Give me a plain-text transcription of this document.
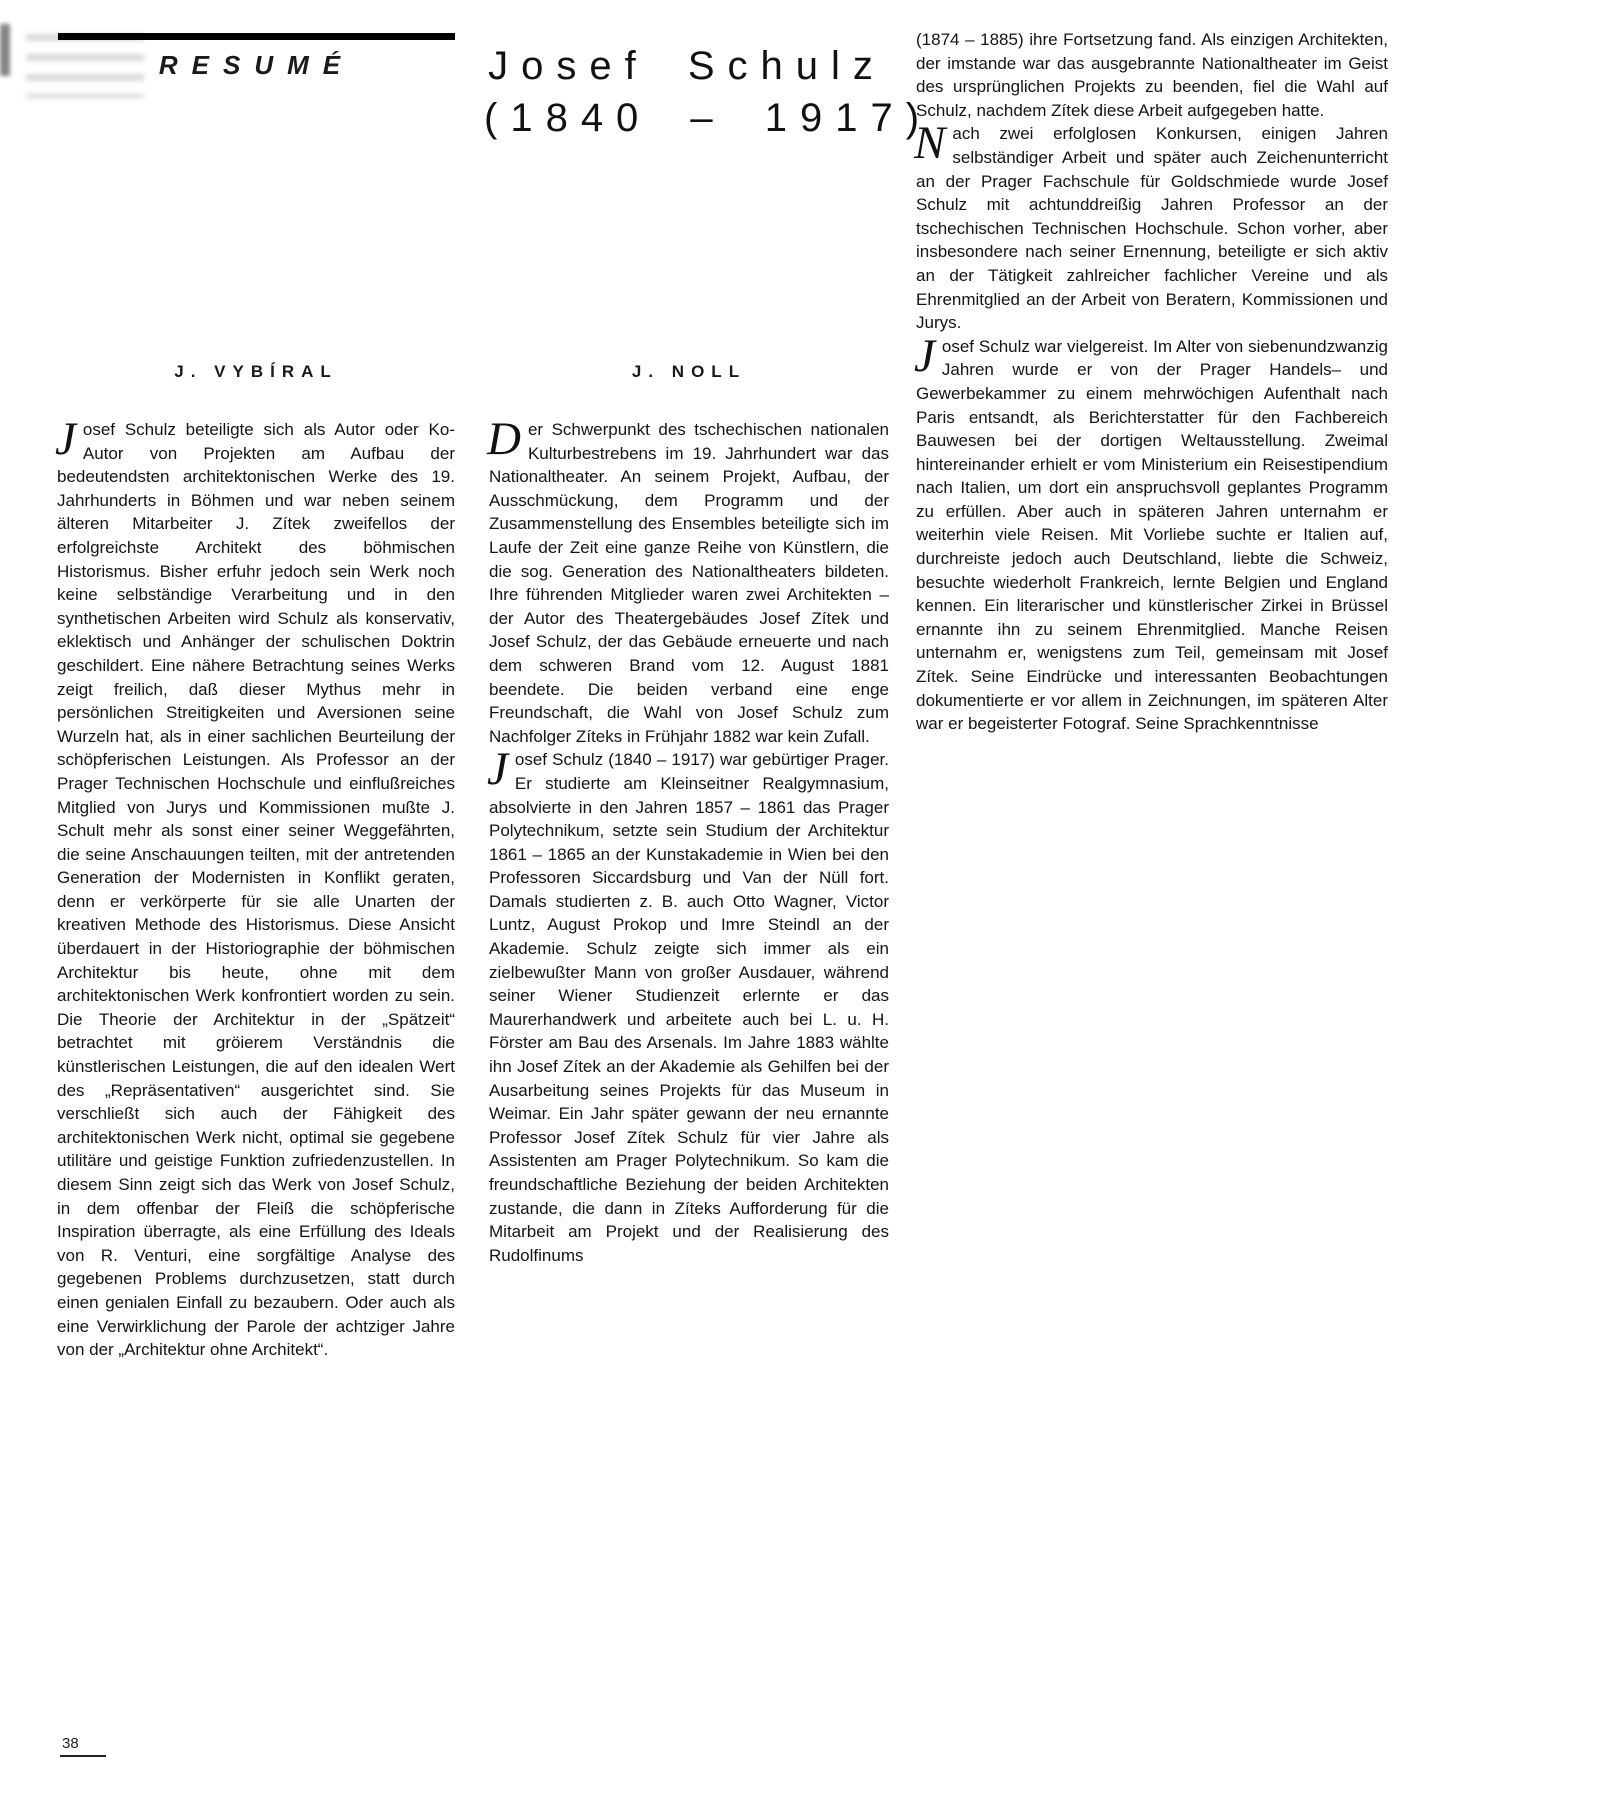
RESUMÉ	Josef Schulz
(1840 – 1917)
J. VYBÍRAL

Josef Schulz beteiligte sich als Autor oder Ko-Autor von Projekten am Aufbau der bedeutendsten architektonischen Werke des 19. Jahrhunderts in Böhmen und war neben seinem älteren Mitarbeiter J. Zítek zweifellos der erfolgreichste Architekt des böhmischen Historismus. Bisher erfuhr jedoch sein Werk noch keine selbständige Verarbeitung und in den synthetischen Arbeiten wird Schulz als konservativ, eklektisch und Anhänger der schulischen Doktrin geschildert. Eine nähere Betrachtung seines Werks zeigt freilich, daß dieser Mythus mehr in persönlichen Streitigkeiten und Aversionen seine Wurzeln hat, als in einer sachlichen Beurteilung der schöpferischen Leistungen. Als Professor an der Prager Technischen Hochschule und einflußreiches Mitglied von Jurys und Kommissionen mußte J. Schult mehr als sonst einer seiner Weggefährten, die seine Anschauungen teilten, mit der antretenden Generation der Modernisten in Konflikt geraten, denn er verkörperte für sie alle Unarten der kreativen Methode des Historismus. Diese Ansicht überdauert in der Historiographie der böhmischen Architektur bis heute, ohne mit dem architektonischen Werk konfrontiert worden zu sein. Die Theorie der Architektur in der „Spätzeit“ betrachtet mit gröierem Verständnis die künstlerischen Leistungen, die auf den idealen Wert des „Repräsentativen“ ausgerichtet sind. Sie verschließt sich auch der Fähigkeit des architektonischen Werk nicht, optimal sie gegebene utilitäre und geistige Funktion zufriedenzustellen. In diesem Sinn zeigt sich das Werk von Josef Schulz, in dem offenbar der Fleiß die schöpferische Inspiration überragte, als eine Erfüllung des Ideals von R. Venturi, eine sorgfältige Analyse des gegebenen Problems durchzusetzen, statt durch einen genialen Einfall zu bezaubern. Oder auch als eine Verwirklichung der Parole der achtziger Jahre von der „Architektur ohne Architekt“.

J. NOLL

Der Schwerpunkt des tschechischen nationalen Kulturbestrebens im 19. Jahrhundert war das Nationaltheater. An seinem Projekt, Aufbau, der Ausschmückung, dem Programm und der Zusammenstellung des Ensembles beteiligte sich im Laufe der Zeit eine ganze Reihe von Künstlern, die die sog. Generation des Nationaltheaters bildeten. Ihre führenden Mitglieder waren zwei Architekten – der Autor des Theatergebäudes Josef Zítek und Josef Schulz, der das Gebäude erneuerte und nach dem schweren Brand vom 12. August 1881 beendete. Die beiden verband eine enge Freundschaft, die Wahl von Josef Schulz zum Nachfolger Zíteks in Frühjahr 1882 war kein Zufall.

Josef Schulz (1840 – 1917) war gebürtiger Prager. Er studierte am Kleinseitner Realgymnasium, absolvierte in den Jahren 1857 – 1861 das Prager Polytechnikum, setzte sein Studium der Architektur 1861 – 1865 an der Kunstakademie in Wien bei den Professoren Siccardsburg und Van der Nüll fort. Damals studierten z. B. auch Otto Wagner, Victor Luntz, August Prokop und Imre Steindl an der Akademie. Schulz zeigte sich immer als ein zielbewußter Mann von großer Ausdauer, während seiner Wiener Studienzeit erlernte er das Maurerhandwerk und arbeitete auch bei L. u. H. Förster am Bau des Arsenals. Im Jahre 1883 wählte ihn Josef Zítek an der Akademie als Gehilfen bei der Ausarbeitung seines Projekts für das Museum in Weimar. Ein Jahr später gewann der neu ernannte Professor Josef Zítek Schulz für vier Jahre als Assistenten am Prager Polytechnikum. So kam die freundschaftliche Beziehung der beiden Architekten zustande, die dann in Zíteks Aufforderung für die Mitarbeit am Projekt und der Realisierung des Rudolfinums

(1874 – 1885) ihre Fortsetzung fand. Als einzigen Architekten, der imstande war das ausgebrannte Nationaltheater im Geist des ursprünglichen Projekts zu beenden, fiel die Wahl auf Schulz, nachdem Zítek diese Arbeit aufgegeben hatte.

Nach zwei erfolglosen Konkursen, einigen Jahren selbständiger Arbeit und später auch Zeichenunterricht an der Prager Fachschule für Goldschmiede wurde Josef Schulz mit achtunddreißig Jahren Professor an der tschechischen Technischen Hochschule. Schon vorher, aber insbesondere nach seiner Ernennung, beteiligte er sich aktiv an der Tätigkeit zahlreicher fachlicher Vereine und als Ehrenmitglied an der Arbeit von Beratern, Kommissionen und Jurys.

Josef Schulz war vielgereist. Im Alter von siebenundzwanzig Jahren wurde er von der Prager Handels– und Gewerbekammer zu einem mehrwöchigen Aufenthalt nach Paris entsandt, als Berichterstatter für den Fachbereich Bauwesen bei der dortigen Weltausstellung. Zweimal hintereinander erhielt er vom Ministerium ein Reisestipendium nach Italien, um dort ein anspruchsvoll geplantes Programm zu erfüllen. Aber auch in späteren Jahren unternahm er weiterhin viele Reisen. Mit Vorliebe suchte er Italien auf, durchreiste jedoch auch Deutschland, liebte die Schweiz, besuchte wiederholt Frankreich, lernte Belgien und England kennen. Ein literarischer und künstlerischer Zirkei in Brüssel ernannte ihn zu seinem Ehrenmitglied. Manche Reisen unternahm er, wenigstens zum Teil, gemeinsam mit Josef Zítek. Seine Eindrücke und interessanten Beobachtungen dokumentierte er vor allem in Zeichnungen, im späteren Alter war er begeisterter Fotograf. Seine Sprachkenntnisse

38
